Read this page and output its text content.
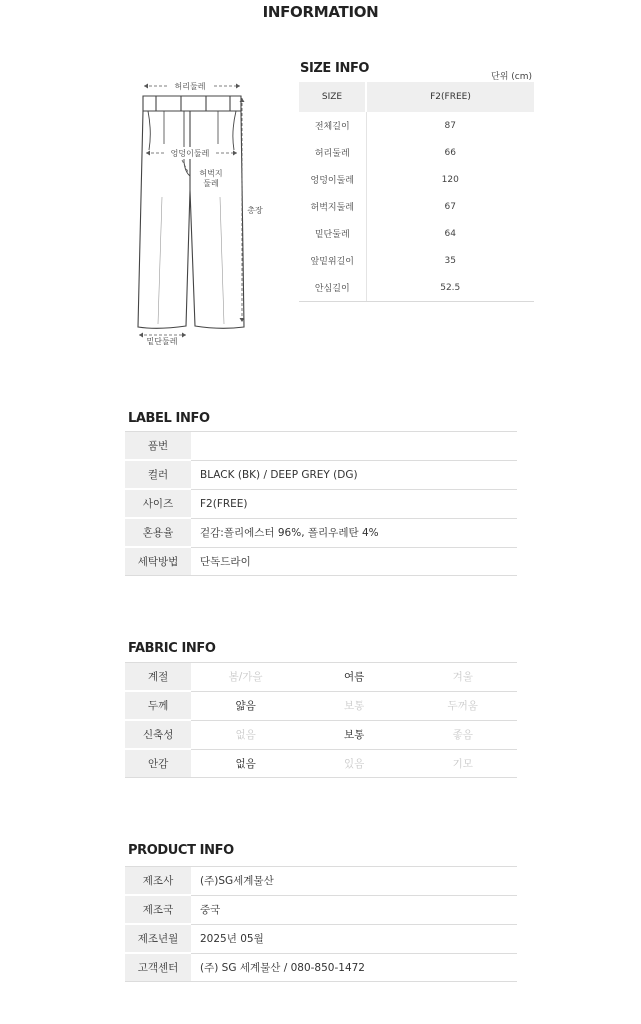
INFORMATION
허리둘레
엉덩이둘레
허벅지
둘레
총장
밑단둘레
SIZE INFO
단위 (cm)
SIZE	F2(FREE)
전체길이	87
허리둘레	66
엉덩이둘레	120
허벅지둘레	67
밑단둘레	64
앞밑위길이	35
안심길이	52.5
LABEL INFO
품번	
컬러	BLACK (BK) / DEEP GREY (DG)
사이즈	F2(FREE)
혼용율	겉감:폴리에스터 96%, 폴리우레탄 4%
세탁방법	단독드라이
FABRIC INFO
계절	봄/가을	여름	겨울
두께	얇음	보통	두꺼움
신축성	없음	보통	좋음
안감	없음	있음	기모
PRODUCT INFO
제조사	(주)SG세계물산
제조국	중국
제조년월	2025년 05월
고객센터	(주) SG 세계물산 / 080-850-1472
